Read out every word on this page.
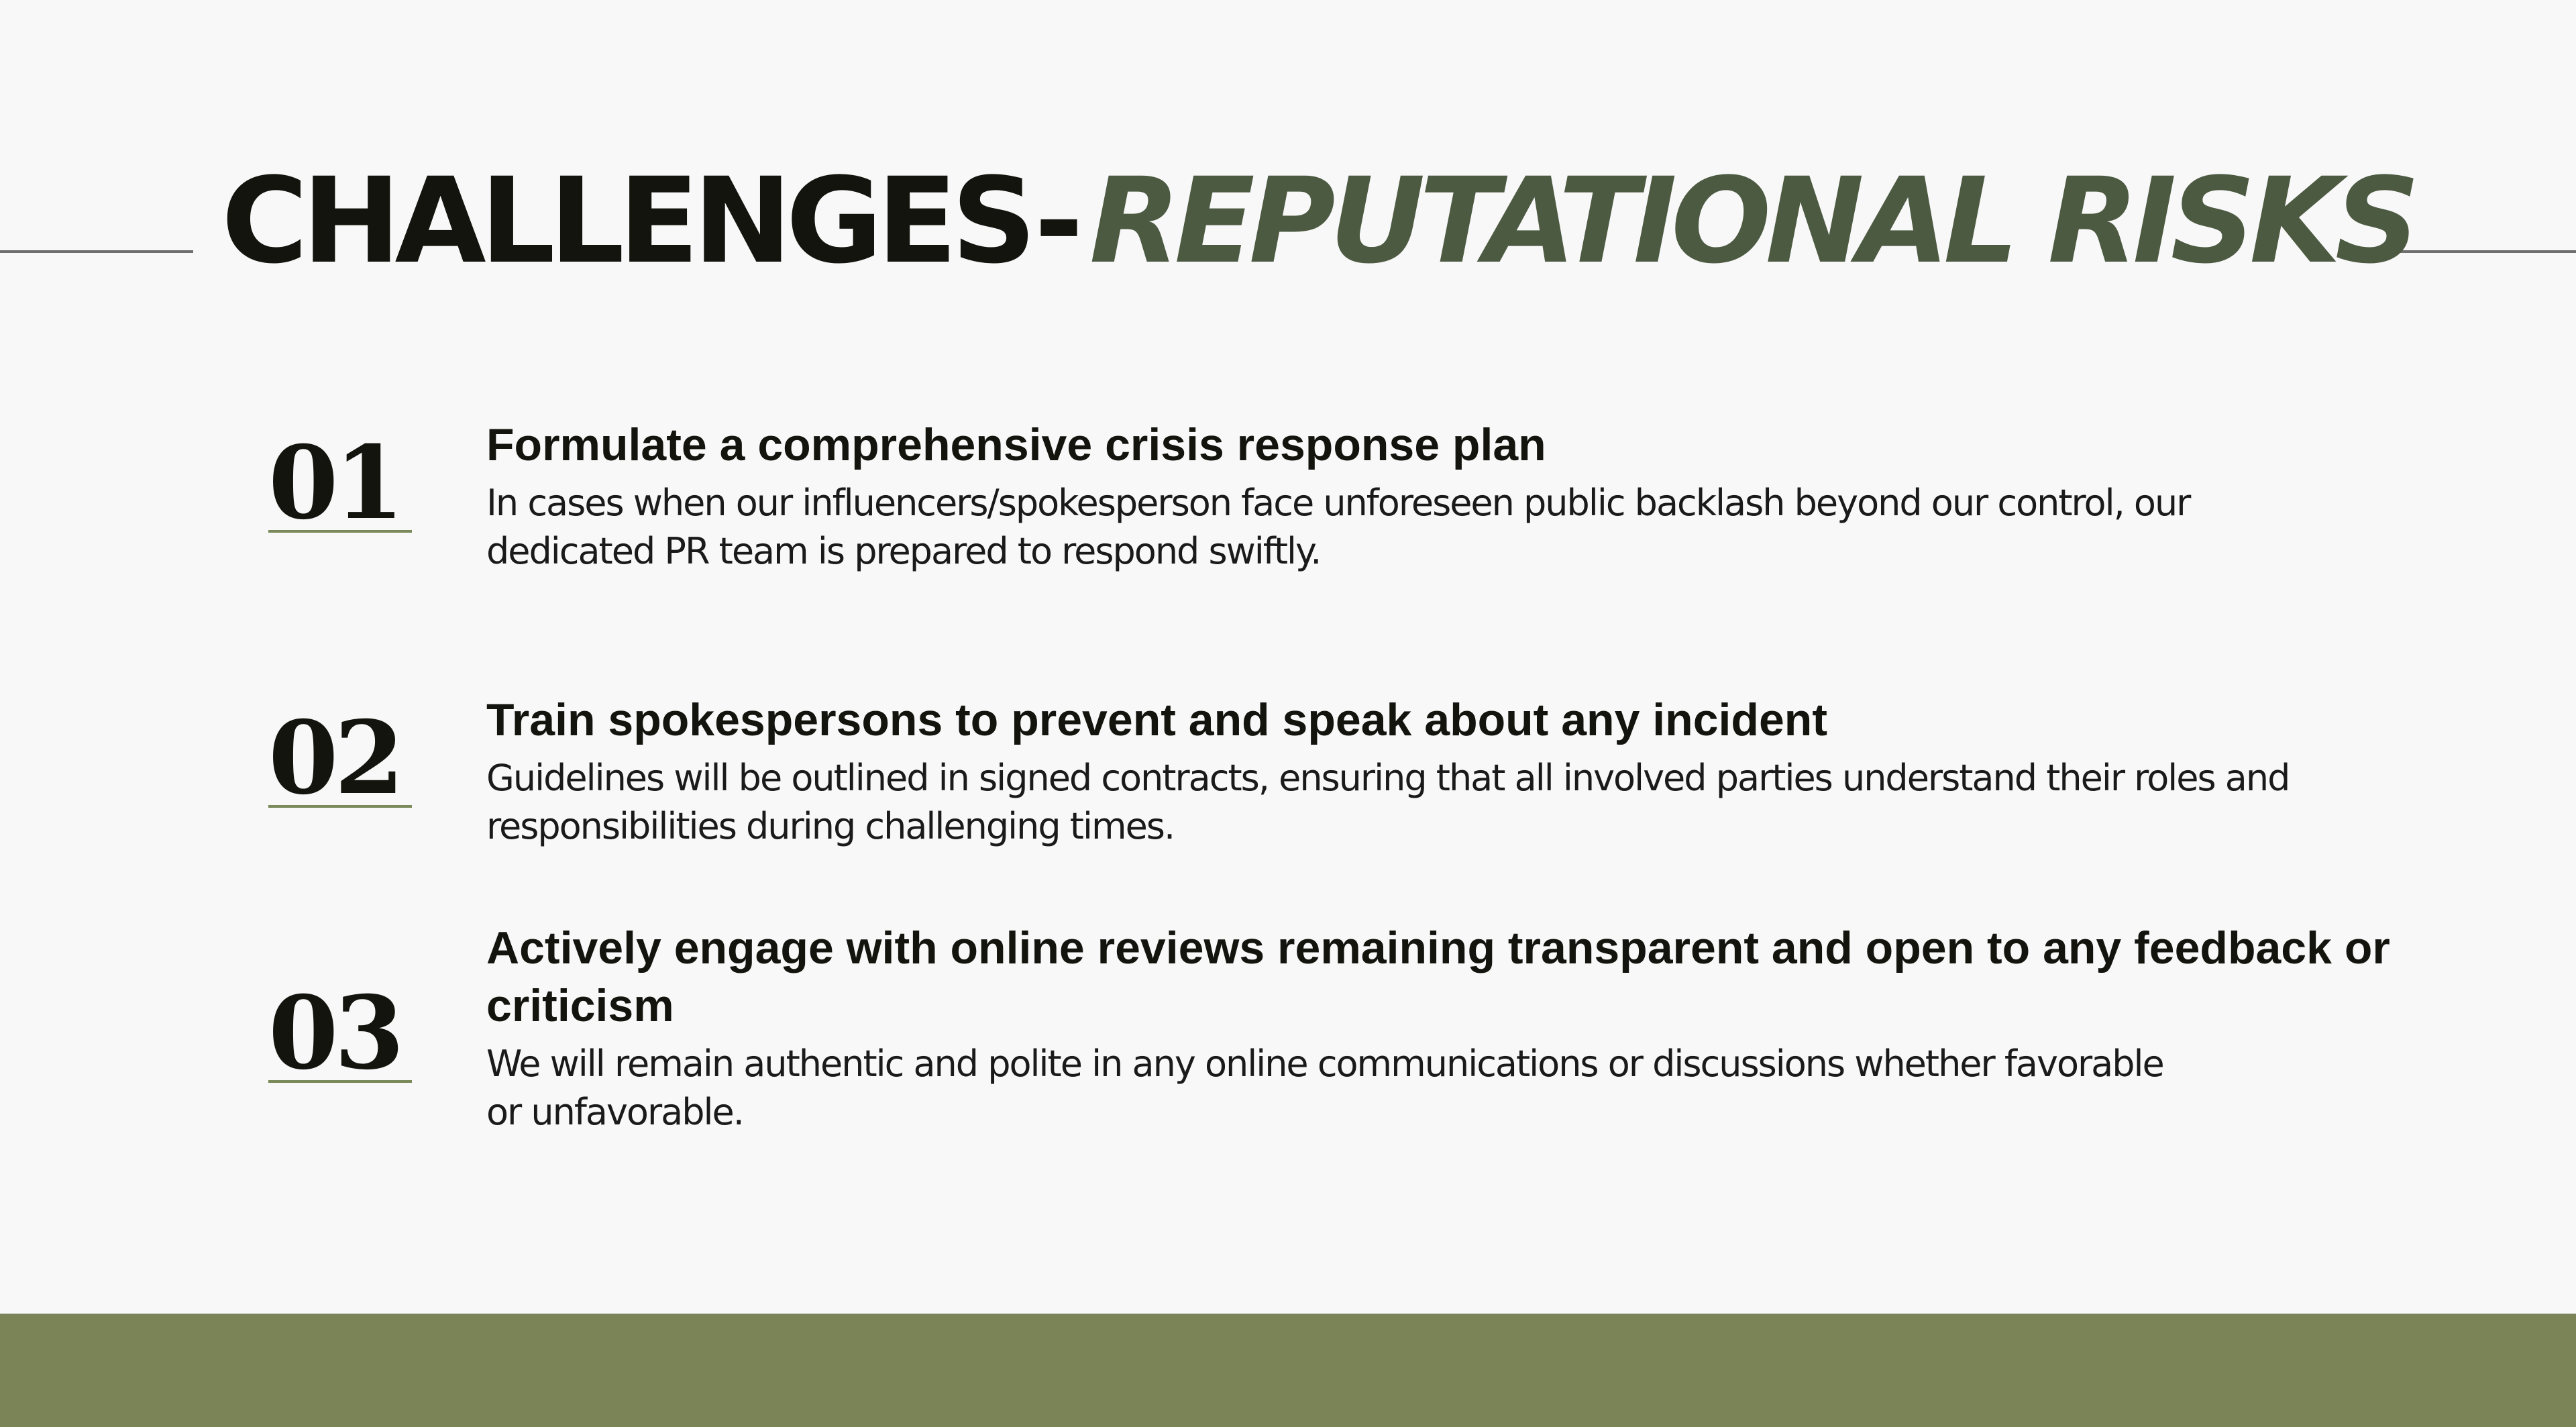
CHALLENGES- REPUTATIONAL RISKS
01 Formulate a comprehensive crisis response plan

In cases when our influencers/spokesperson face unforeseen public backlash beyond our control, our dedicated PR team is prepared to respond swiftly.

02 Train spokespersons to prevent and speak about any incident

Guidelines will be outlined in signed contracts, ensuring that all involved parties understand their roles and responsibilities during challenging times.

03
Actively engage with online reviews remaining transparent and open to any feedback or criticism

We will remain authentic and polite in any online communications or discussions whether favorable or unfavorable.
